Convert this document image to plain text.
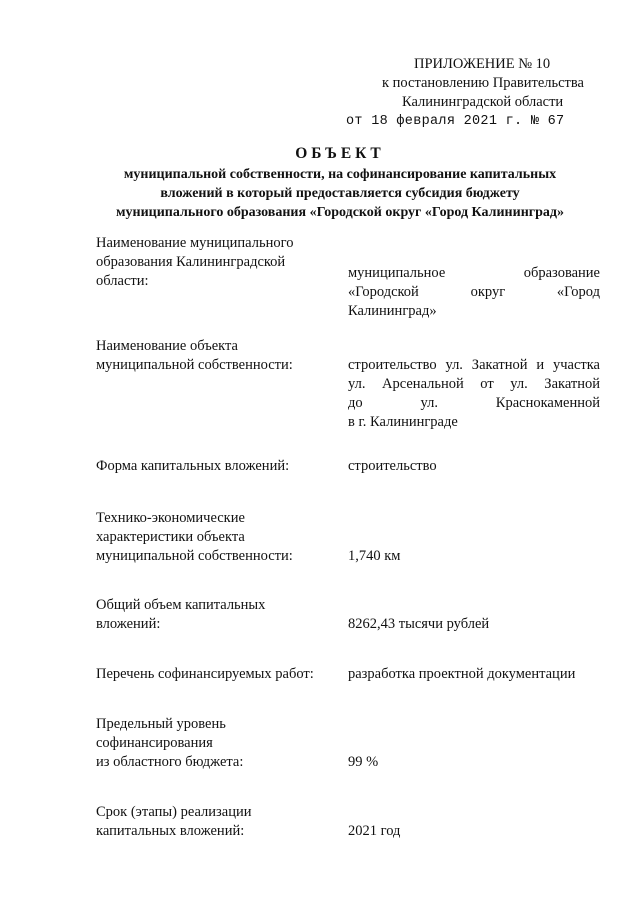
ПРИЛОЖЕНИЕ № 10
к постановлению Правительства
Калининградской области
от 18 февраля 2021 г. № 67
ОБЪЕКТ
муниципальной собственности, на софинансирование капитальных
вложений в который предоставляется субсидия бюджету
муниципального образования «Городской округ «Город Калининград»
Наименование муниципального
образования Калининградской
области:	муниципальное образование
«Городской округ «Город
Калининград»
Наименование объекта
муниципальной собственности:	строительство ул. Закатной и участка
ул. Арсенальной от ул. Закатной
до ул. Краснокаменной
в г. Калининграде
Форма капитальных вложений:	строительство
Технико-экономические
характеристики объекта
муниципальной собственности:	1,740 км
Общий объем капитальных
вложений:	8262,43 тысячи рублей
Перечень софинансируемых работ:	разработка проектной документации
Предельный уровень
софинансирования
из областного бюджета:	99 %
Срок (этапы) реализации
капитальных вложений:	2021 год
